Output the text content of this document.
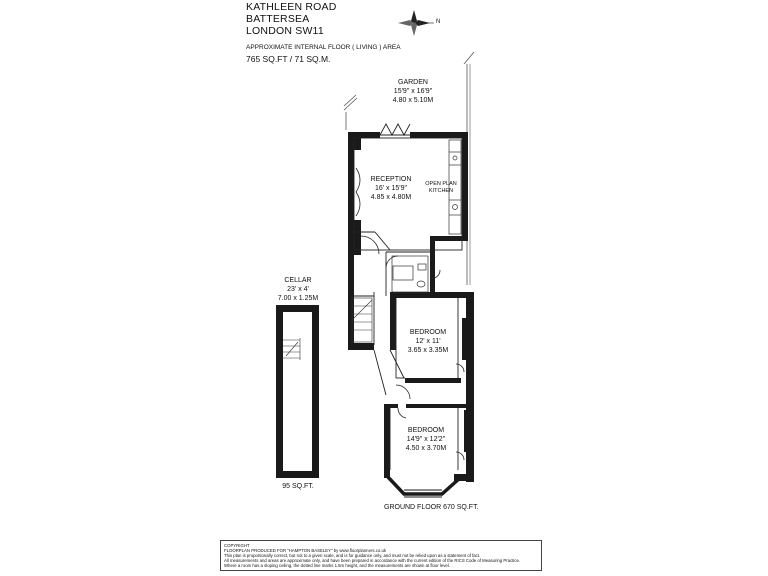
KATHLEEN ROAD
BATTERSEA
LONDON SW11
N
APPROXIMATE INTERNAL FLOOR ( LIVING ) AREA
765 SQ.FT / 71 SQ.M.
GARDEN
15'9" x 16'9"
4.80 x 5.10M
RECEPTION
16' x 15'9"
4.85 x 4.80M
OPEN PLAN
KITCHEN
BEDROOM
12' x 11'
3.65 x 3.35M
BEDROOM
14'9" x 12'2"
4.50 x 3.70M
CELLAR
23' x 4'
7.00 x 1.25M
95 SQ.FT.
GROUND FLOOR 670 SQ.FT.
COPYRIGHT
FLOORPLAN PRODUCED FOR "HAMPTON BASELEY" by www.floorplanners.co.uk
This plan is proportionally correct, but not to a given scale, and is for guidance only, and must not be relied upon as a statement of fact.
All measurements and areas are approximate only, and have been prepared in accordance with the current edition of the RICS Code of Measuring Practice.
Where a room has a sloping ceiling, the dotted line marks 1.5m height, and the measurements are shown at floor level.
